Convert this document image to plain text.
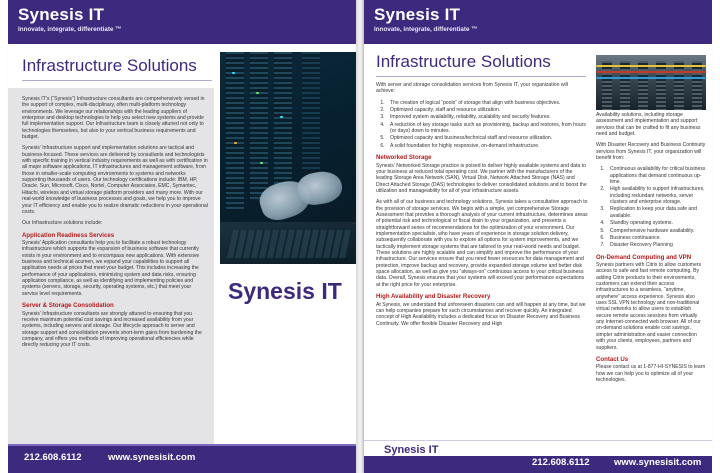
Synesis IT
Innovate, integrate, differentiate ™
Infrastructure Solutions

Synesis IT’s (“Synesis”) Infrastructure consultants are comprehensively versed in the support of complex, multi-disciplinary, often multi-platform technology environments. We leverage our relationships with the leading suppliers of enterprise and desktop technologies to help you select new systems and provide full implementation support. Our Infrastructure team is closely attuned not only to technologies themselves, but also to your vertical business requirements and budget.

Synesis’ Infrastructure support and implementation solutions are tactical and business-focused. These services are delivered by consultants and technologists with specific training in vertical industry requirements as well as with certification in all major software applications, IT infrastructures and management software, from those in smaller-scale computing environments to systems and networks supporting thousands of users. Our technology certifications include: IBM, HP, Oracle, Sun, Microsoft, Cisco, Nortel, Computer Associates, EMC, Symantec, Hitachi, wireless and virtual storage platform providers and many more. With our real-world knowledge of business processes and goals, we help you to improve your IT efficiency and enable you to realize dramatic reductions in your operational costs.

Our Infrastructure solutions include:

Application Readiness Services

Synesis’ Application consultants help you to facilitate a robust technology infrastructure which supports the expansion of business software that currently exists in your environment and to encompass new applications. With extensive business and technical acumen, we expand your capabilities to support all application needs at prices that meet your budget. This includes increasing the performance of your applications, minimizing system and data risks, ensuring application compliance, as well as identifying and implementing policies and systems (servers, storage, security, operating systems, etc.) that meet your service level requirements.

Server & Storage Consolidation

Synesis’ Infrastructure consultants are strongly attuned to ensuring that you receive maximum potential cost savings and increased availability from your systems, including servers and storage. Our lifecycle approach to server and storage support and consolidation prevents short-term gains from burdening the company, and offers you methods of improving operational efficiencies while directly reducing your IT costs.

Synesis IT
212.608.6112	www.synesisit.com
Synesis IT
Innovate, integrate, differentiate ™
Infrastructure Solutions

With server and storage consolidation services from Synesis IT, your organization will achieve:

1. The creation of logical “pools” of storage that align with business objectives.
2. Optimized capacity, staff and resource utilization.
3. Improved system availability, reliability, scalability and security features.
4. A reduction of key storage tasks such as provisioning, backup and restores, from hours (or days) down to minutes.
5. Optimized capacity and business/technical staff and resource utilization.
6. A solid foundation for highly responsive, on-demand infrastructure.
Networked Storage

Synesis’ Networked Storage practice is poised to deliver highly available systems and data to your business at reduced total operating cost. We partner with the manufacturers of the leading Storage Area Network (SAN), Virtual Disk, Network Attached Storage (NAS) and Direct Attached Storage (DAS) technologies to deliver consolidated solutions and to boost the utilization and manageability for all of your infrastructure assets.

As with all of our business and technology solutions, Synesis takes a consultative approach to the provision of storage services. We begin with a simple, yet comprehensive Storage Assessment that provides a thorough analysis of your current infrastructure, determines areas of potential risk and technological or fiscal drain to your organization, and presents a straightforward series of recommendations for the optimization of your environment. Our implementation specialists, who have years of experience in storage solution delivery, subsequently collaborate with you to explore all options for system improvements, and we tactically implement storage systems that are tailored to your real-world needs and budget. These solutions are highly scalable and can simplify and improve the performance of your infrastructure. Our services ensure that you need fewer resources for data management and protection, improve backup and recovery, provide expanded storage volume and better disk space allocation, as well as give you “always-on” continuous access to your critical business data. Overall, Synesis ensures that your systems will exceed your performance expectations at the right price for your enterprise.

High Availability and Disaster Recovery

At Synesis, we understand that unforeseen disasters can and will happen at any time, but we can help companies prepare for such circumstances and recover quickly. An integrated concept of High Availability includes a dedicated focus on Disaster Recovery and Business Continuity. We offer flexible Disaster Recovery and High

Availability solutions, including storage assessment and implementation and support services that can be crafted to fit any business need and budget.

With Disaster Recovery and Business Continuity services from Synesis IT, your organization will benefit from:

1. Continuous availability for critical business applications that demand continuous up-time.
2. High availability to support infrastructures, including redundant networks, server clusters and enterprise storage.
3. Replication to keep your data safe and available.
4. Standby operating systems.
5. Comprehensive hardware availability.
6. Business continuance.
7. Disaster Recovery Planning
On-Demand Computing and VPN

Synesis partners with Citrix to allow customers access to safe and fast remote computing. By adding Citrix products to their environments, customers can extend their access infrastructures to a seamless, “anytime, anywhere” access experience. Synesis also uses SSL VPN technology and non-traditional virtual networks to allow users to establish secure remote access sessions from virtually any Internet-connected web browser. All of our on-demand solutions enable cost savings, simpler administration and easier connection with your clients, employees, partners and suppliers.

Contact Us

Please contact us at 1-877-HI-SYNESIS to learn how we can help you to optimize all of your technologies.

Synesis IT
212.608.6112	www.synesisit.com
